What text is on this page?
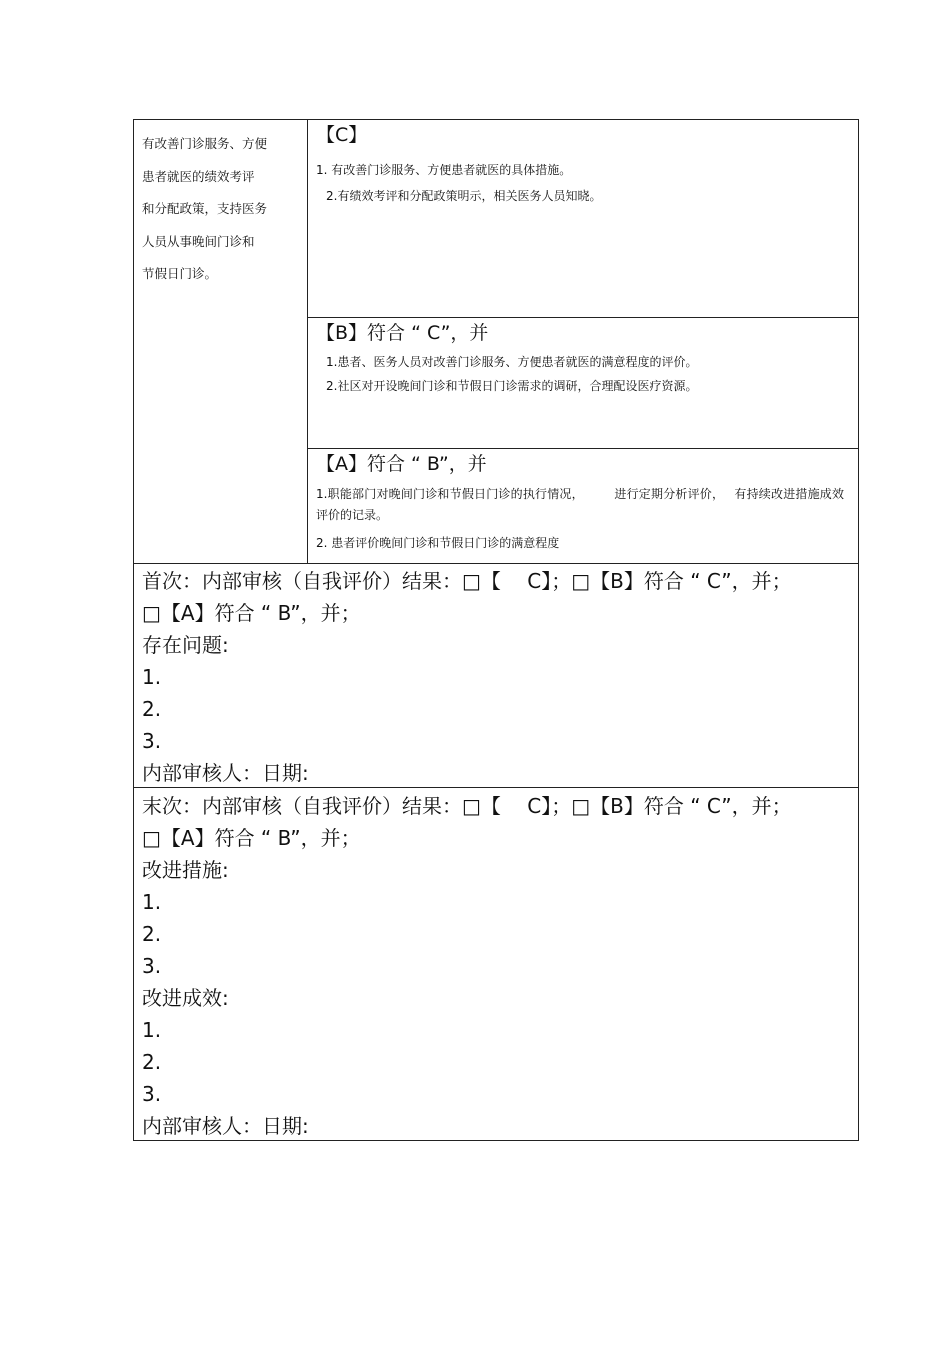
有改善门诊服务、方便
患者就医的绩效考评
和分配政策，支持医务
人员从事晚间门诊和
节假日门诊。
【C】
1. 有改善门诊服务、方便患者就医的具体措施。
2.有绩效考评和分配政策明示，相关医务人员知晓。
【B】符合 “ C”，并
1.患者、医务人员对改善门诊服务、方便患者就医的满意程度的评价。
2.社区对开设晚间门诊和节假日门诊需求的调研，合理配设医疗资源。
【A】符合 “ B”，并
1.职能部门对晚间门诊和节假日门诊的执行情况，　　　进行定期分析评价，　 有持续改进措施成效评价的记录。
2. 患者评价晚间门诊和节假日门诊的满意程度
首次：内部审核（自我评价）结果：□【　 C】；□【B】符合 “ C”，并；
□【A】符合 “ B”，并；
存在问题:
1.
2.
3.
内部审核人：日期:
末次：内部审核（自我评价）结果：□【　 C】；□【B】符合 “ C”，并；
□【A】符合 “ B”，并；
改进措施:
1.
2.
3.
改进成效:
1.
2.
3.
内部审核人：日期:
